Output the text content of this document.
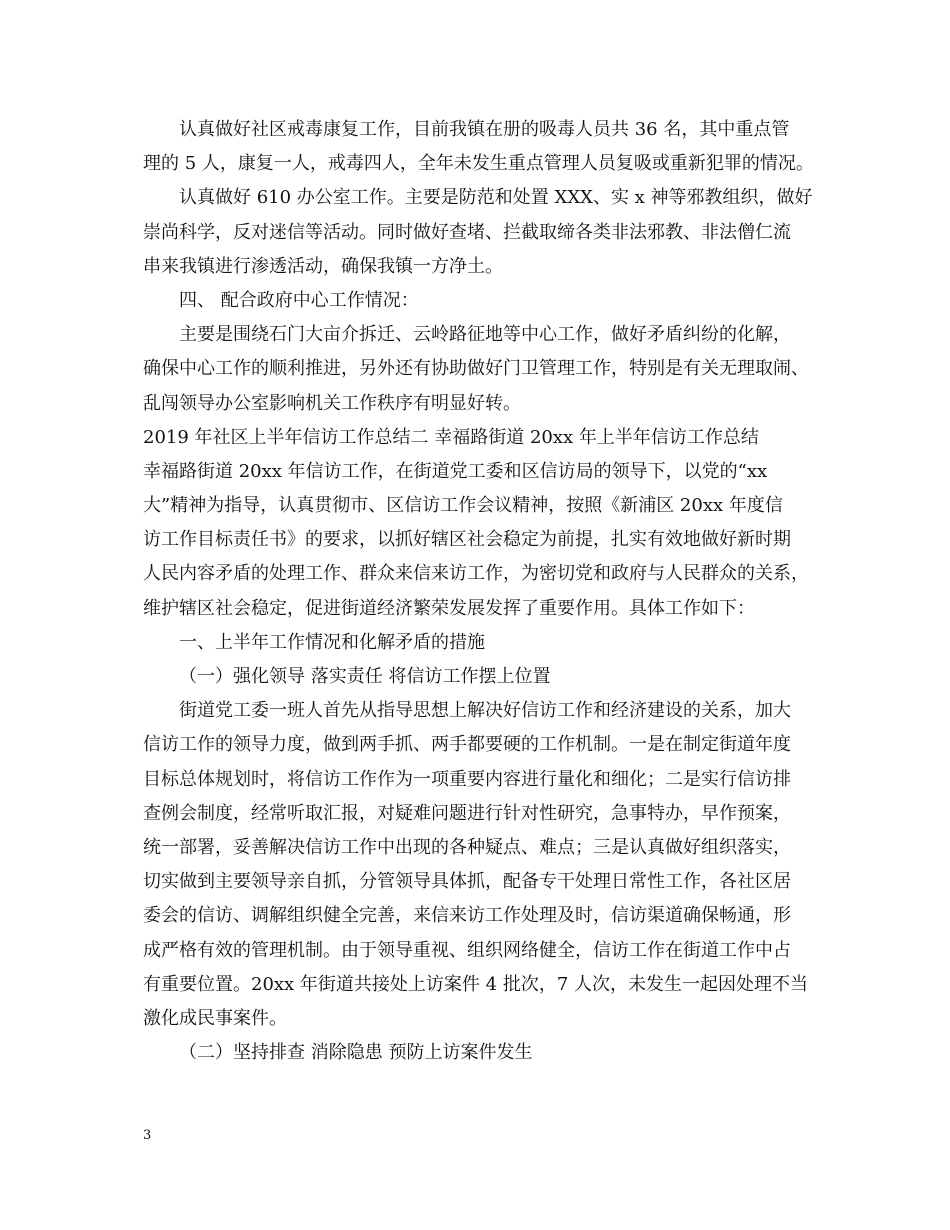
认真做好社区戒毒康复工作，目前我镇在册的吸毒人员共 36 名，其中重点管
理的 5 人，康复一人，戒毒四人，全年未发生重点管理人员复吸或重新犯罪的情况。
认真做好 610 办公室工作。主要是防范和处置 XXX、实 x 神等邪教组织，做好
崇尚科学，反对迷信等活动。同时做好查堵、拦截取缔各类非法邪教、非法僧仁流
串来我镇进行渗透活动，确保我镇一方净土。
四、 配合政府中心工作情况：
主要是围绕石门大亩介拆迁、云岭路征地等中心工作，做好矛盾纠纷的化解，
确保中心工作的顺利推进，另外还有协助做好门卫管理工作，特别是有关无理取闹、
乱闯领导办公室影响机关工作秩序有明显好转。
2019 年社区上半年信访工作总结二 幸福路街道 20xx 年上半年信访工作总结
幸福路街道 20xx 年信访工作，在街道党工委和区信访局的领导下，以党的“xx
大”精神为指导，认真贯彻市、区信访工作会议精神，按照《新浦区 20xx 年度信
访工作目标责任书》的要求，以抓好辖区社会稳定为前提，扎实有效地做好新时期
人民内容矛盾的处理工作、群众来信来访工作，为密切党和政府与人民群众的关系，
维护辖区社会稳定，促进街道经济繁荣发展发挥了重要作用。具体工作如下：
一、上半年工作情况和化解矛盾的措施
（一）强化领导 落实责任 将信访工作摆上位置
街道党工委一班人首先从指导思想上解决好信访工作和经济建设的关系，加大
信访工作的领导力度，做到两手抓、两手都要硬的工作机制。一是在制定街道年度
目标总体规划时，将信访工作作为一项重要内容进行量化和细化；二是实行信访排
查例会制度，经常听取汇报，对疑难问题进行针对性研究，急事特办，早作预案，
统一部署，妥善解决信访工作中出现的各种疑点、难点；三是认真做好组织落实，
切实做到主要领导亲自抓，分管领导具体抓，配备专干处理日常性工作，各社区居
委会的信访、调解组织健全完善，来信来访工作处理及时，信访渠道确保畅通，形
成严格有效的管理机制。由于领导重视、组织网络健全，信访工作在街道工作中占
有重要位置。20xx 年街道共接处上访案件 4 批次，7 人次，未发生一起因处理不当
激化成民事案件。
（二）坚持排查 消除隐患 预防上访案件发生
3
